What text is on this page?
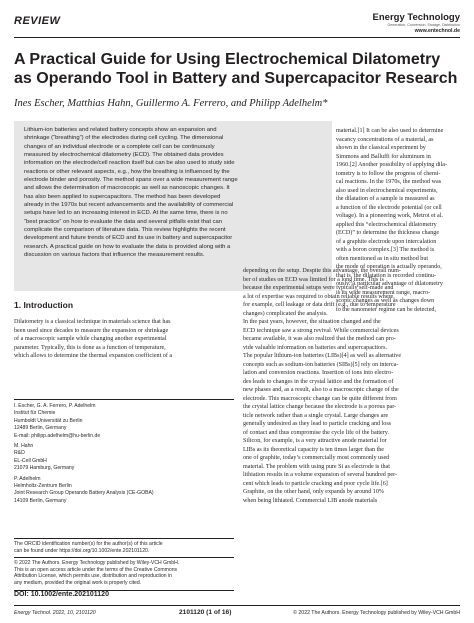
REVIEW	Energy Technology
Generation, Conversion, Storage, Distribution
www.entechnol.de
A Practical Guide for Using Electrochemical Dilatometry as Operando Tool in Battery and Supercapacitor Research
Ines Escher, Matthias Hahn, Guillermo A. Ferrero, and Philipp Adelhelm*
Lithium-ion batteries and related battery concepts show an expansion and
shrinkage (“breathing”) of the electrodes during cell cycling. The dimensional
changes of an individual electrode or a complete cell can be continuously
measured by electrochemical dilatometry (ECD). The obtained data provides
information on the electrode/cell reaction itself but can be also used to study side
reactions or other relevant aspects, e.g., how the breathing is influenced by the
electrode binder and porosity. The method spans over a wide measurement range
and allows the determination of macroscopic as well as nanoscopic changes. It
has also been applied to supercapacitors. The method has been developed
already in the 1970s but recent advancements and the availability of commercial
setups have led to an increasing interest in ECD. At the same time, there is no
“best practice” on how to evaluate the data and several pitfalls exist that can
complicate the comparison of literature data. This review highlights the recent
development and future trends of ECD and its use in battery and supercapacitor
research. A practical guide on how to evaluate the data is provided along with a
discussion on various factors that influence the measurement results.
material.[1] It can be also used to determine
vacancy concentrations of a material, as
shown in the classical experiment by
Simmons and Balluffi for aluminum in
1960.[2] Another possibility of applying dila-
tometry is to follow the progress of chemi-
cal reactions. In the 1970s, the method was
also used in electrochemical experiments,
the dilatation of a sample is measured as
a function of the electrode potential (or cell
voltage). In a pioneering work, Metrot et al.
applied this “electrochemical dilatometry
(ECD)” to determine the thickness change
of a graphite electrode upon intercalation
with a boron complex.[3] The method is
often mentioned as in situ method but
the mode of operation is actually operando,
that is, the dilatation is recorded continu-
ously. A particular advantage of dilatometry
is its wide measurement range, macro-
scopic changes as well as changes down
to the nanometer regime can be detected,
depending on the setup. Despite this advantage, the overall num-
ber of studies on ECD was limited for a long time. This is
because the experimental setups were typically self-made and
a lot of expertise was required to obtain reliable results where,
for example, cell leakage or data drift (e.g., due to temperature
changes) complicated the analysis.
In the past years, however, the situation changed and the
ECD technique saw a strong revival. While commercial devices
became available, it was also realized that the method can pro-
vide valuable information on batteries and supercapacitors.
The popular lithium-ion batteries (LIBs)[4] as well as alternative
concepts such as sodium-ion batteries (SIBs)[5] rely on interca-
lation and conversion reactions. Insertion of ions into electro-
des leads to changes in the crystal lattice and the formation of
new phases and, as a result, also to a macroscopic change of the
electrode. This macroscopic change can be quite different from
the crystal lattice change because the electrode is a porous par-
ticle network rather than a single crystal. Large changes are
generally undesired as they lead to particle cracking and loss
of contact and thus compromise the cycle life of the battery.
Silicon, for example, is a very attractive anode material for
LIBs as its theoretical capacity is ten times larger than the
one of graphite, today’s commercially most commonly used
material. The problem with using pure Si as electrode is that
lithiation results in a volume expansion of several hundred per-
cent which leads to particle cracking and poor cycle life.[6]
Graphite, on the other hand, only expands by around 10%
when being lithiated. Commercial LIB anode materials
1. Introduction
Dilatometry is a classical technique in materials science that has
been used since decades to measure the expansion or shrinkage
of a macroscopic sample while changing another experimental
parameter. Typically, this is done as a function of temperature,
which allows to determine the thermal expansion coefficient of a
I. Escher, G. A. Ferrero, P. Adelhelm
Institut für Chemie
Humboldt Universität zu Berlin
12489 Berlin, Germany
E-mail: philipp.adelhelm@hu-berlin.de
M. Hahn
R&D
EL-Cell GmbH
21079 Hamburg, Germany
P. Adelhelm
Helmholtz-Zentrum Berlin
Joint Research Group Operando Battery Analysis (CE-GOBA)
14109 Berlin, Germany
The ORCID identification number(s) for the author(s) of this article
can be found under https://doi.org/10.1002/ente.202101120.
© 2022 The Authors. Energy Technology published by Wiley-VCH GmbH.
This is an open access article under the terms of the Creative Commons
Attribution License, which permits use, distribution and reproduction in
any medium, provided the original work is properly cited.
DOI: 10.1002/ente.202101120
Energy Technol. 2022, 10, 2101120	2101120 (1 of 16)	© 2022 The Authors. Energy Technology published by Wiley-VCH GmbH
